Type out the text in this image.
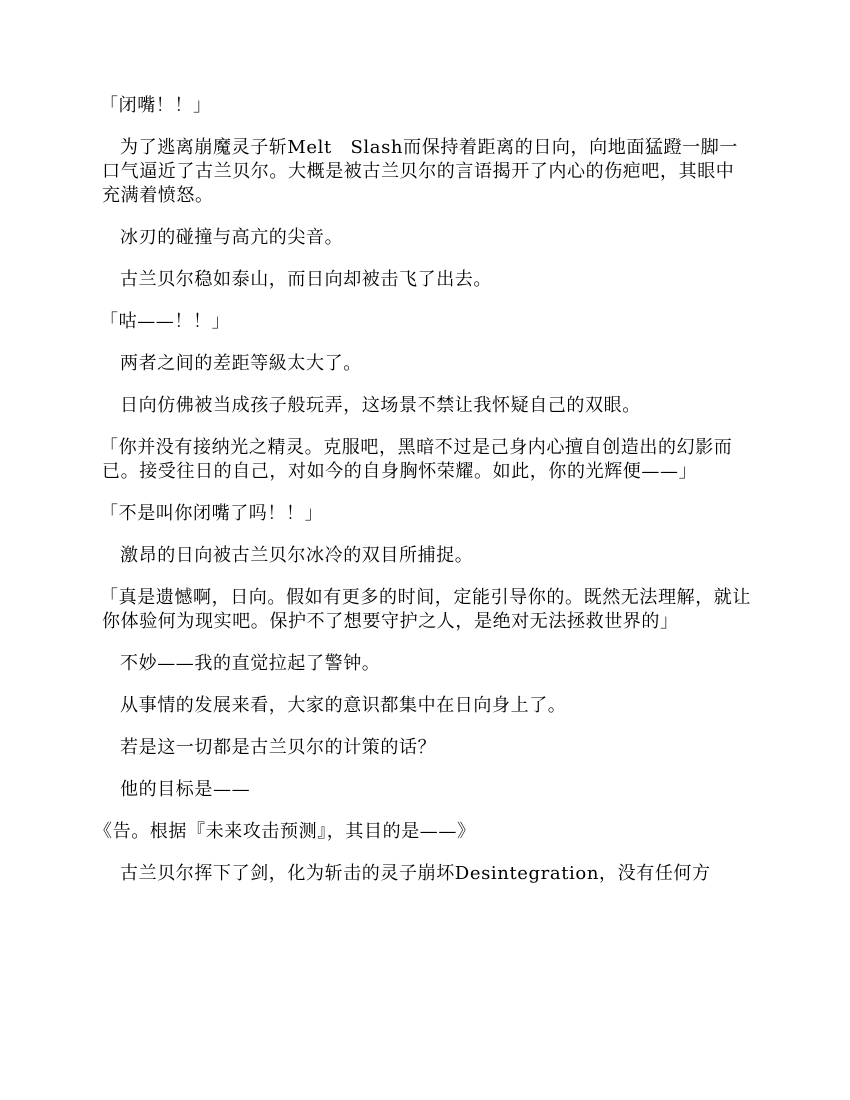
「闭嘴！！」

为了逃离崩魔灵子斩Melt　Slash而保持着距离的日向，向地面猛蹬一脚一口气逼近了古兰贝尔。大概是被古兰贝尔的言语揭开了内心的伤疤吧，其眼中充满着愤怒。

冰刃的碰撞与高亢的尖音。

古兰贝尔稳如泰山，而日向却被击飞了出去。

「咕——！！」

两者之间的差距等級太大了。

日向仿佛被当成孩子般玩弄，这场景不禁让我怀疑自己的双眼。

「你并没有接纳光之精灵。克服吧，黑暗不过是己身内心擅自创造出的幻影而已。接受往日的自己，对如今的自身胸怀荣耀。如此，你的光辉便——」

「不是叫你闭嘴了吗！！」

激昂的日向被古兰贝尔冰冷的双目所捕捉。

「真是遗憾啊，日向。假如有更多的时间，定能引导你的。既然无法理解，就让你体验何为现实吧。保护不了想要守护之人，是绝对无法拯救世界的」

不妙——我的直觉拉起了警钟。

从事情的发展来看，大家的意识都集中在日向身上了。

若是这一切都是古兰贝尔的计策的话？

他的目标是——

《告。根据『未来攻击预测』，其目的是——》

古兰贝尔挥下了剑，化为斩击的灵子崩坏Desintegration，没有任何方
